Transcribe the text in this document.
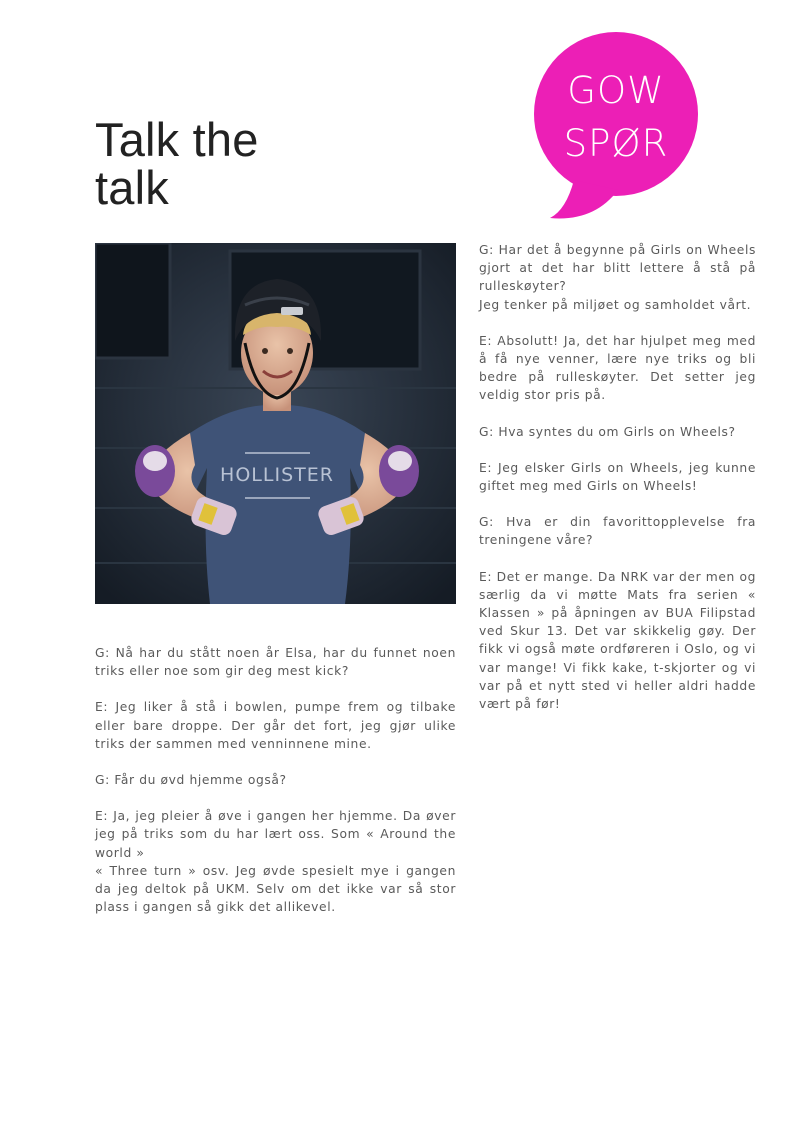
Talk the
talk
GOW
SPØR
HOLLISTER

G: Har det å begynne på Girls on Wheels gjort at det har blitt lettere å stå på rulleskøyter?
Jeg tenker på miljøet og samholdet vårt.

E: Absolutt! Ja, det har hjulpet meg med å få nye venner, lære nye triks og bli bedre på rulleskøyter. Det setter jeg veldig stor pris på.

G: Hva syntes du om Girls on Wheels?

E: Jeg elsker Girls on Wheels, jeg kunne giftet meg med Girls on Wheels!

G: Hva er din favorittopplevelse fra treningene våre?

E: Det er mange. Da NRK var der men og særlig da vi møtte Mats fra serien « Klassen » på åpningen av BUA Filipstad ved Skur 13. Det var skikkelig gøy. Der fikk vi også møte ordføreren i Oslo, og vi var mange! Vi fikk kake, t-skjorter og vi var på et nytt sted vi heller aldri hadde vært på før!

G: Nå har du stått noen år Elsa, har du funnet noen triks eller noe som gir deg mest kick?

E: Jeg liker å stå i bowlen, pumpe frem og tilbake eller bare droppe. Der går det fort, jeg gjør ulike triks der sammen med venninnene mine.

G: Får du øvd hjemme også?

E: Ja, jeg pleier å øve i gangen her hjemme. Da øver jeg på triks som du har lært oss. Som « Around the world »
« Three turn » osv. Jeg øvde spesielt mye i gangen da jeg deltok på UKM. Selv om det ikke var så stor plass i gangen så gikk det allikevel.
